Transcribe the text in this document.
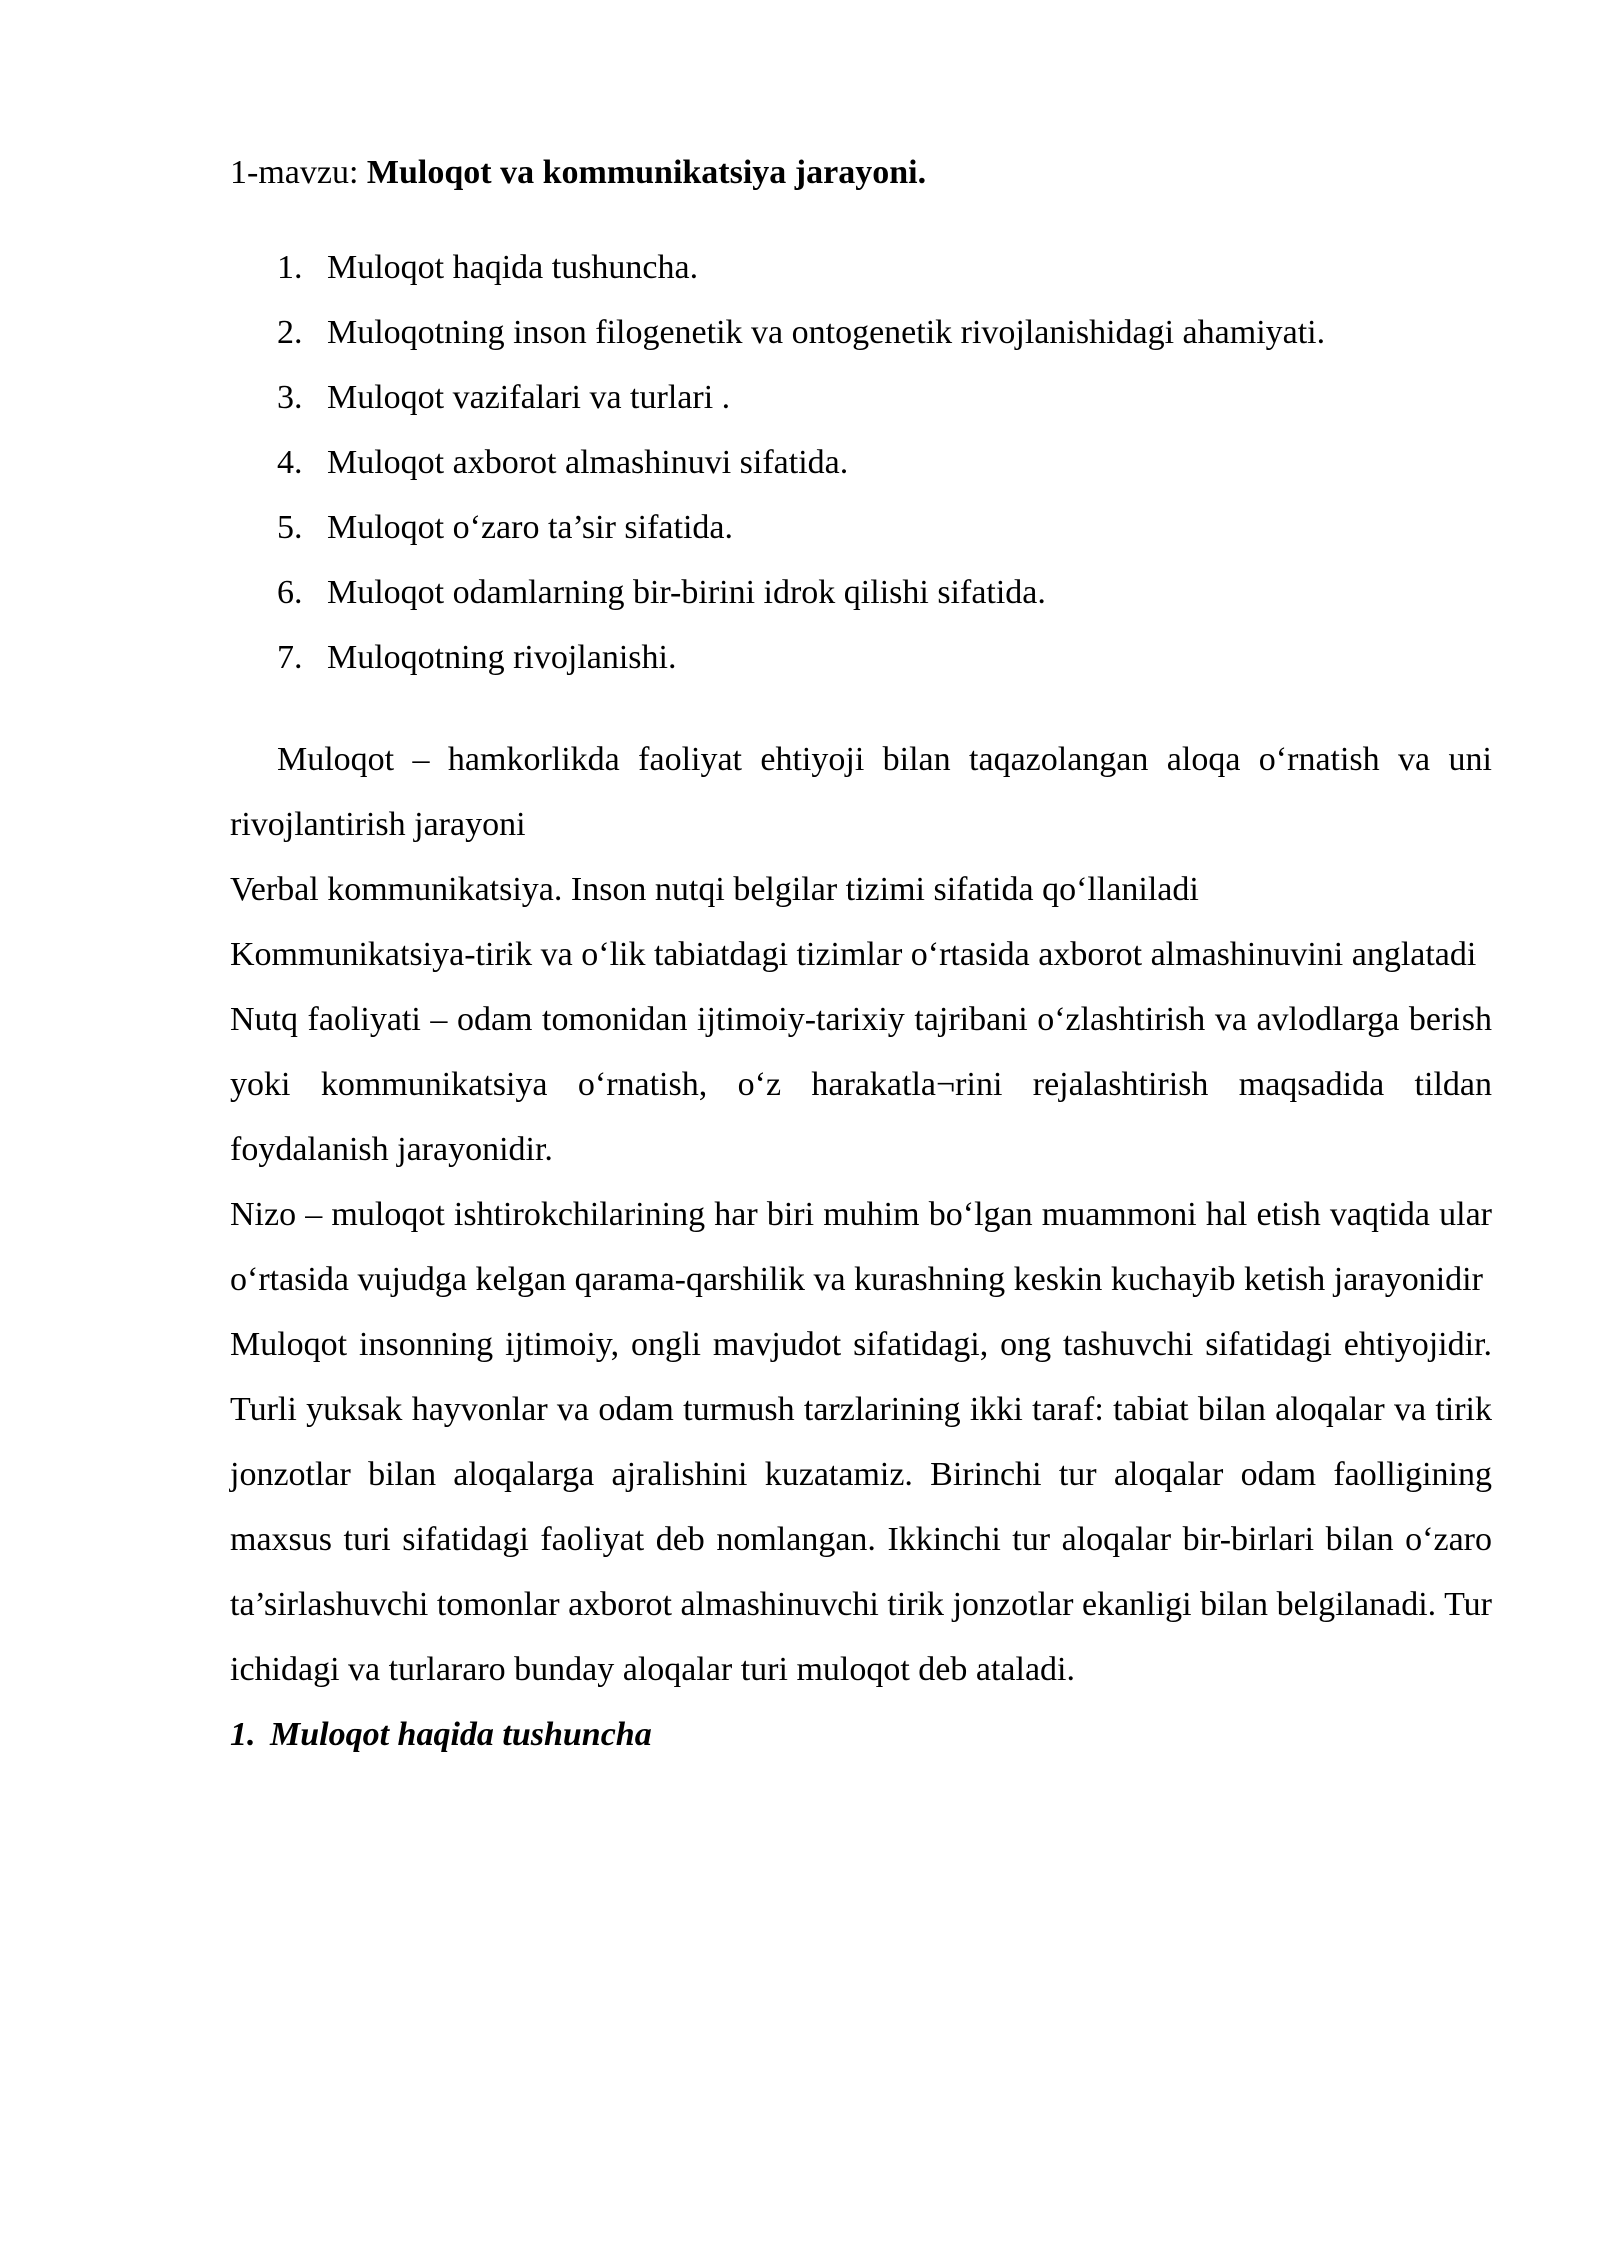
1-mavzu: Muloqot va kommunikatsiya jarayoni.

1. Muloqot haqida tushuncha.
2. Muloqotning inson filogenetik va ontogenetik rivojlanishidagi ahamiyati.
3. Muloqot vazifalari va turlari .
4. Muloqot axborot almashinuvi sifatida.
5. Muloqot o‘zaro ta’sir sifatida.
6. Muloqot odamlarning bir-birini idrok qilishi sifatida.
7. Muloqotning rivojlanishi.

Muloqot – hamkorlikda faoliyat ehtiyoji bilan taqazolangan aloqa o‘rnatish va uni rivojlantirish jarayoni

Verbal kommunikatsiya. Inson nutqi belgilar tizimi sifatida qo‘llaniladi

Kommunikatsiya-tirik va o‘lik tabiatdagi tizimlar o‘rtasida axborot almashinuvini anglatadi

Nutq faoliyati – odam tomonidan ijtimoiy-tarixiy tajribani o‘zlashtirish va avlodlarga berish yoki kommunikatsiya o‘rnatish, o‘z harakatla¬rini rejalashtirish maqsadida tildan foydalanish jarayonidir.

Nizo – muloqot ishtirokchilarining har biri muhim bo‘lgan muammoni hal etish vaqtida ular o‘rtasida vujudga kelgan qarama-qarshilik va kurashning keskin kuchayib ketish jarayonidir

Muloqot insonning ijtimoiy, ongli mavjudot sifatidagi, ong tashuvchi sifatidagi ehtiyojidir. Turli yuksak hayvonlar va odam turmush tarzlarining ikki taraf: tabiat bilan aloqalar va tirik jonzotlar bilan aloqalarga ajralishini kuzatamiz. Birinchi tur aloqalar odam faolligining maxsus turi sifatidagi faoliyat deb nomlangan. Ikkinchi tur aloqalar bir-birlari bilan o‘zaro ta’sirlashuvchi tomonlar axborot almashinuvchi tirik jonzotlar ekanligi bilan belgilanadi. Tur ichidagi va turlararo bunday aloqalar turi muloqot deb ataladi.

1. Muloqot haqida tushuncha
